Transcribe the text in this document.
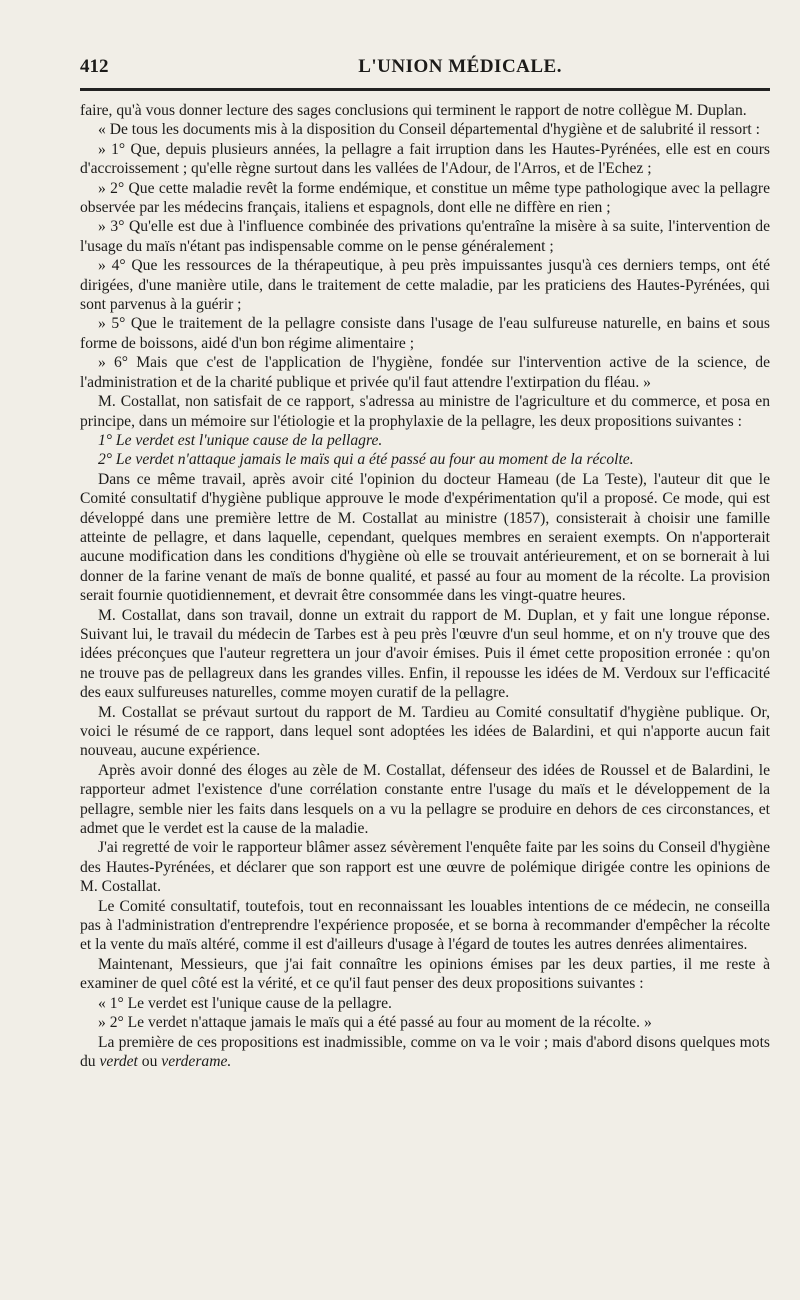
412	L'UNION MÉDICALE.

faire, qu'à vous donner lecture des sages conclusions qui terminent le rapport de notre collègue M. Duplan.

« De tous les documents mis à la disposition du Conseil départemental d'hygiène et de salubrité il ressort :

» 1° Que, depuis plusieurs années, la pellagre a fait irruption dans les Hautes-Pyrénées, elle est en cours d'accroissement ; qu'elle règne surtout dans les vallées de l'Adour, de l'Arros, et de l'Echez ;

» 2° Que cette maladie revêt la forme endémique, et constitue un même type pathologique avec la pellagre observée par les médecins français, italiens et espagnols, dont elle ne diffère en rien ;

» 3° Qu'elle est due à l'influence combinée des privations qu'entraîne la misère à sa suite, l'intervention de l'usage du maïs n'étant pas indispensable comme on le pense généralement ;

» 4° Que les ressources de la thérapeutique, à peu près impuissantes jusqu'à ces derniers temps, ont été dirigées, d'une manière utile, dans le traitement de cette maladie, par les praticiens des Hautes-Pyrénées, qui sont parvenus à la guérir ;

» 5° Que le traitement de la pellagre consiste dans l'usage de l'eau sulfureuse naturelle, en bains et sous forme de boissons, aidé d'un bon régime alimentaire ;

» 6° Mais que c'est de l'application de l'hygiène, fondée sur l'intervention active de la science, de l'administration et de la charité publique et privée qu'il faut attendre l'extirpation du fléau. »

M. Costallat, non satisfait de ce rapport, s'adressa au ministre de l'agriculture et du commerce, et posa en principe, dans un mémoire sur l'étiologie et la prophylaxie de la pellagre, les deux propositions suivantes :

1° Le verdet est l'unique cause de la pellagre.

2° Le verdet n'attaque jamais le maïs qui a été passé au four au moment de la récolte.

Dans ce même travail, après avoir cité l'opinion du docteur Hameau (de La Teste), l'auteur dit que le Comité consultatif d'hygiène publique approuve le mode d'expérimentation qu'il a proposé. Ce mode, qui est développé dans une première lettre de M. Costallat au ministre (1857), consisterait à choisir une famille atteinte de pellagre, et dans laquelle, cependant, quelques membres en seraient exempts. On n'apporterait aucune modification dans les conditions d'hygiène où elle se trouvait antérieurement, et on se bornerait à lui donner de la farine venant de maïs de bonne qualité, et passé au four au moment de la récolte. La provision serait fournie quotidiennement, et devrait être consommée dans les vingt-quatre heures.

M. Costallat, dans son travail, donne un extrait du rapport de M. Duplan, et y fait une longue réponse. Suivant lui, le travail du médecin de Tarbes est à peu près l'œuvre d'un seul homme, et on n'y trouve que des idées préconçues que l'auteur regrettera un jour d'avoir émises. Puis il émet cette proposition erronée : qu'on ne trouve pas de pellagreux dans les grandes villes. Enfin, il repousse les idées de M. Verdoux sur l'efficacité des eaux sulfureuses naturelles, comme moyen curatif de la pellagre.

M. Costallat se prévaut surtout du rapport de M. Tardieu au Comité consultatif d'hygiène publique. Or, voici le résumé de ce rapport, dans lequel sont adoptées les idées de Balardini, et qui n'apporte aucun fait nouveau, aucune expérience.

Après avoir donné des éloges au zèle de M. Costallat, défenseur des idées de Roussel et de Balardini, le rapporteur admet l'existence d'une corrélation constante entre l'usage du maïs et le développement de la pellagre, semble nier les faits dans lesquels on a vu la pellagre se produire en dehors de ces circonstances, et admet que le verdet est la cause de la maladie.

J'ai regretté de voir le rapporteur blâmer assez sévèrement l'enquête faite par les soins du Conseil d'hygiène des Hautes-Pyrénées, et déclarer que son rapport est une œuvre de polémique dirigée contre les opinions de M. Costallat.

Le Comité consultatif, toutefois, tout en reconnaissant les louables intentions de ce médecin, ne conseilla pas à l'administration d'entreprendre l'expérience proposée, et se borna à recommander d'empêcher la récolte et la vente du maïs altéré, comme il est d'ailleurs d'usage à l'égard de toutes les autres denrées alimentaires.

Maintenant, Messieurs, que j'ai fait connaître les opinions émises par les deux parties, il me reste à examiner de quel côté est la vérité, et ce qu'il faut penser des deux propositions suivantes :

« 1° Le verdet est l'unique cause de la pellagre.

» 2° Le verdet n'attaque jamais le maïs qui a été passé au four au moment de la récolte. »

La première de ces propositions est inadmissible, comme on va le voir ; mais d'abord disons quelques mots du verdet ou verderame.
